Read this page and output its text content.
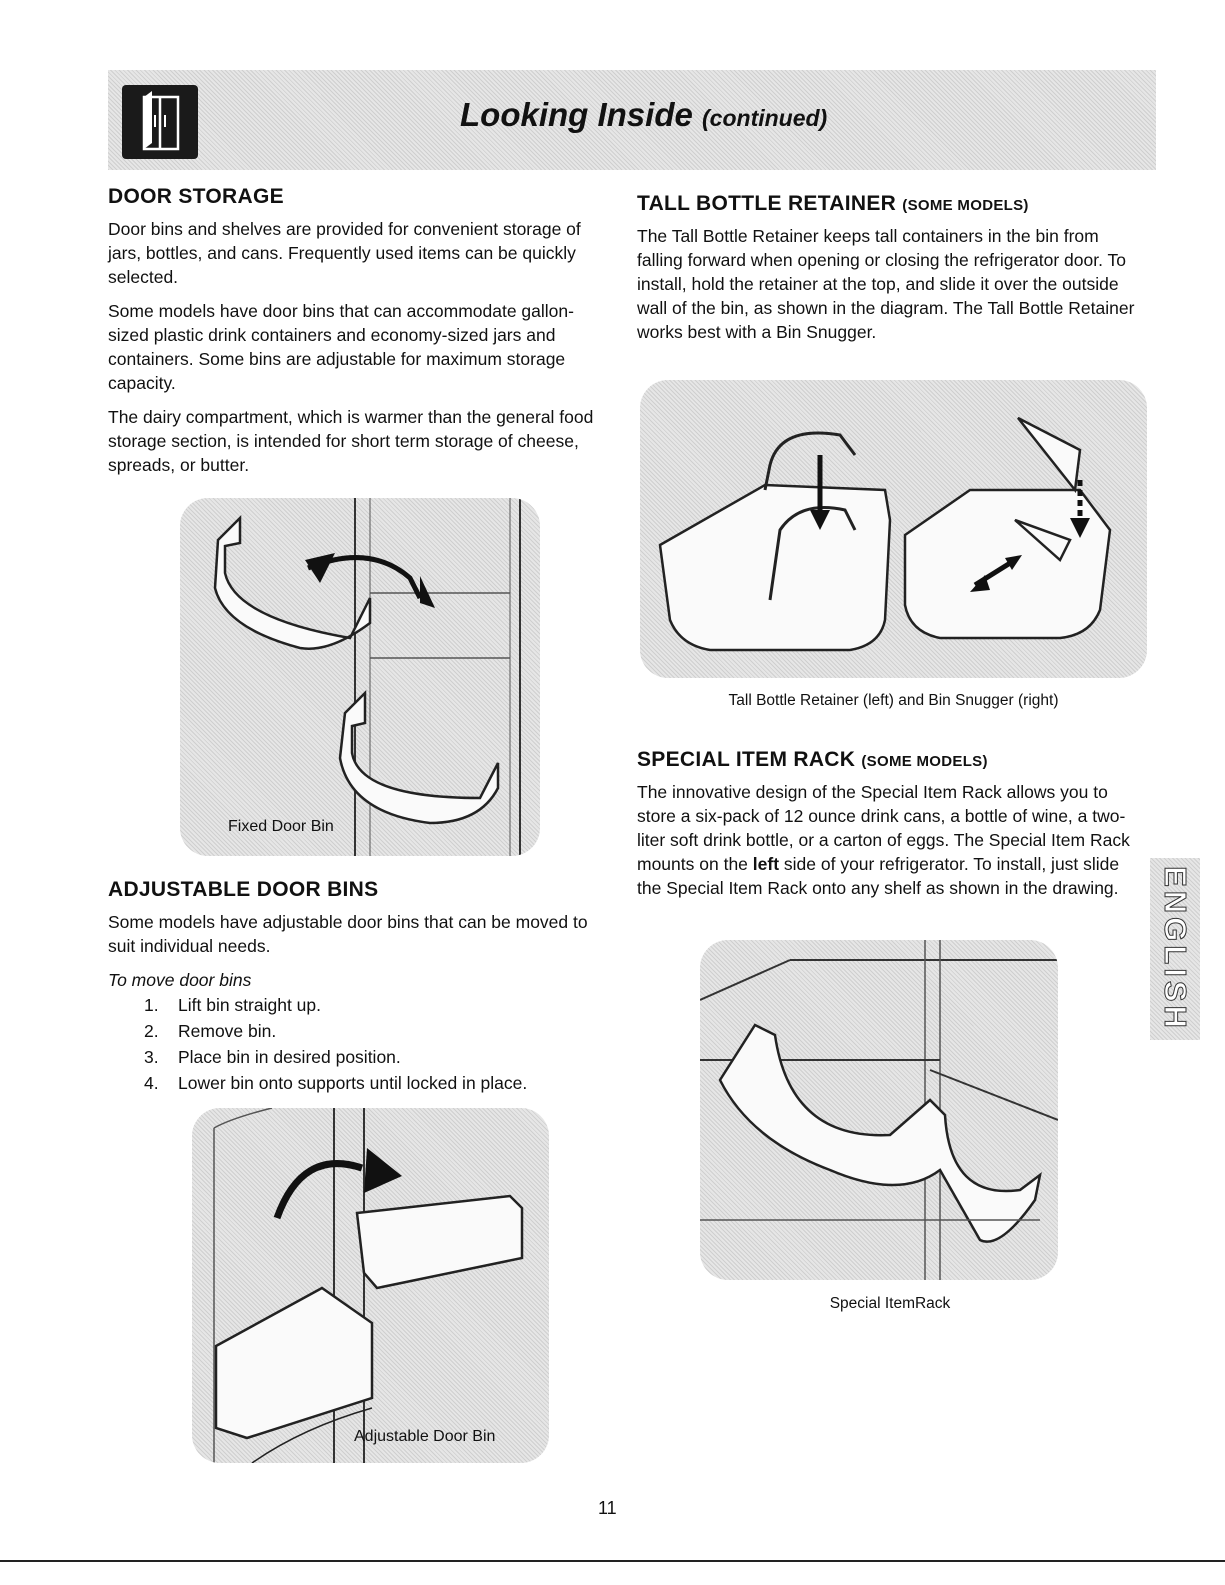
Looking Inside (continued)
DOOR STORAGE

Door bins and shelves are provided for convenient storage of jars, bottles, and cans. Frequently used items can be quickly selected.

Some models have door bins that can accommodate gallon-sized plastic drink containers and economy-sized jars and containers. Some bins are adjustable for maximum storage capacity.

The dairy compartment, which is warmer than the general food storage section, is intended for short term storage of cheese, spreads, or butter.

Fixed Door Bin
ADJUSTABLE DOOR BINS

Some models have adjustable door bins that can be moved to suit individual needs.

To move door bins

1. Lift bin straight up.
2. Remove bin.
3. Place bin in desired position.
4. Lower bin onto supports until locked in place.
Adjustable Door Bin
TALL BOTTLE RETAINER (SOME MODELS)

The Tall Bottle Retainer keeps tall containers in the bin from falling forward when opening or closing the refrigerator door. To install, hold the retainer at the top, and slide it over the outside wall of the bin, as shown in the diagram. The Tall Bottle Retainer works best with a Bin Snugger.

Tall Bottle Retainer (left) and Bin Snugger (right)
SPECIAL ITEM RACK (SOME MODELS)

The innovative design of the Special Item Rack allows you to store a six-pack of 12 ounce drink cans, a bottle of wine, a two-liter soft drink bottle, or a carton of eggs. The Special Item Rack mounts on the left side of your refrigerator. To install, just slide the Special Item Rack onto any shelf as shown in the drawing.

Special ItemRack
ENGLISH
11
